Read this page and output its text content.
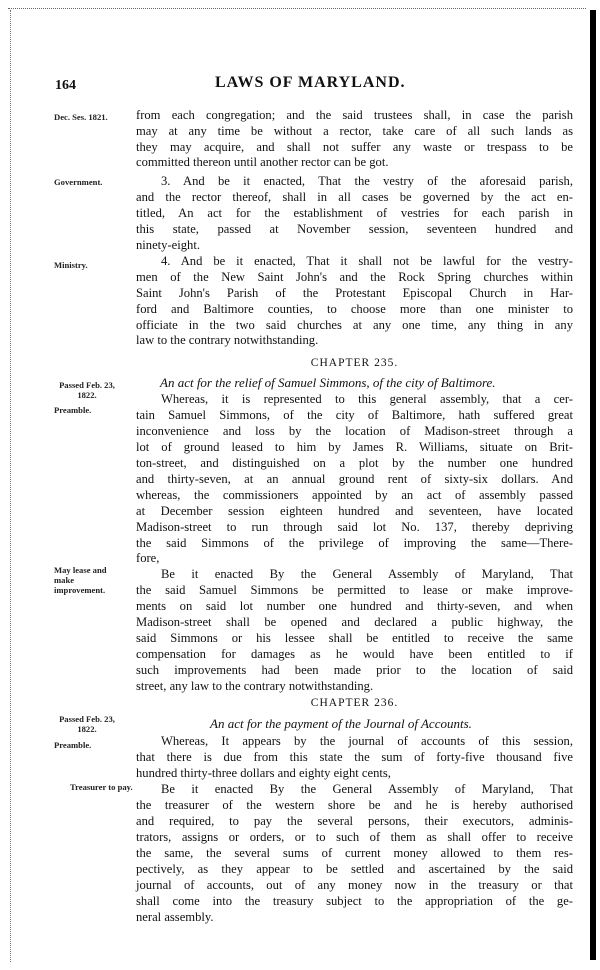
164	LAWS OF MARYLAND.
Dec. Ses. 1821.
Government.
Ministry.
Passed Feb. 23, 1822.
Preamble.
May lease and make improvement.
Passed Feb. 23, 1822.
Preamble.
Treasurer to pay.
CHAPTER 235.
CHAPTER 236.
from each congregation; and the said trustees shall, in case the parish
may at any time be without a rector, take care of all such lands as
they may acquire, and shall not suffer any waste or trespass to be
committed thereon until another rector can be got.
3. And be it enacted, That the vestry of the aforesaid parish,
and the rector thereof, shall in all cases be governed by the act en-
titled, An act for the establishment of vestries for each parish in
this state, passed at November session, seventeen hundred and
ninety-eight.
4. And be it enacted, That it shall not be lawful for the vestry-
men of the New Saint John's and the Rock Spring churches within
Saint John's Parish of the Protestant Episcopal Church in Har-
ford and Baltimore counties, to choose more than one minister to
officiate in the two said churches at any one time, any thing in any
law to the contrary notwithstanding.
An act for the relief of Samuel Simmons, of the city of Baltimore.
Whereas, it is represented to this general assembly, that a cer-
tain Samuel Simmons, of the city of Baltimore, hath suffered great
inconvenience and loss by the location of Madison-street through a
lot of ground leased to him by James R. Williams, situate on Brit-
ton-street, and distinguished on a plot by the number one hundred
and thirty-seven, at an annual ground rent of sixty-six dollars. And
whereas, the commissioners appointed by an act of assembly passed
at December session eighteen hundred and seventeen, have located
Madison-street to run through said lot No. 137, thereby depriving
the said Simmons of the privilege of improving the same—There-
fore,
Be it enacted By the General Assembly of Maryland, That
the said Samuel Simmons be permitted to lease or make improve-
ments on said lot number one hundred and thirty-seven, and when
Madison-street shall be opened and declared a public highway, the
said Simmons or his lessee shall be entitled to receive the same
compensation for damages as he would have been entitled to if
such improvements had been made prior to the location of said
street, any law to the contrary notwithstanding.
An act for the payment of the Journal of Accounts.
Whereas, It appears by the journal of accounts of this session,
that there is due from this state the sum of forty-five thousand five
hundred thirty-three dollars and eighty eight cents,
Be it enacted By the General Assembly of Maryland, That
the treasurer of the western shore be and he is hereby authorised
and required, to pay the several persons, their executors, adminis-
trators, assigns or orders, or to such of them as shall offer to receive
the same, the several sums of current money allowed to them res-
pectively, as they appear to be settled and ascertained by the said
journal of accounts, out of any money now in the treasury or that
shall come into the treasury subject to the appropriation of the ge-
neral assembly.
